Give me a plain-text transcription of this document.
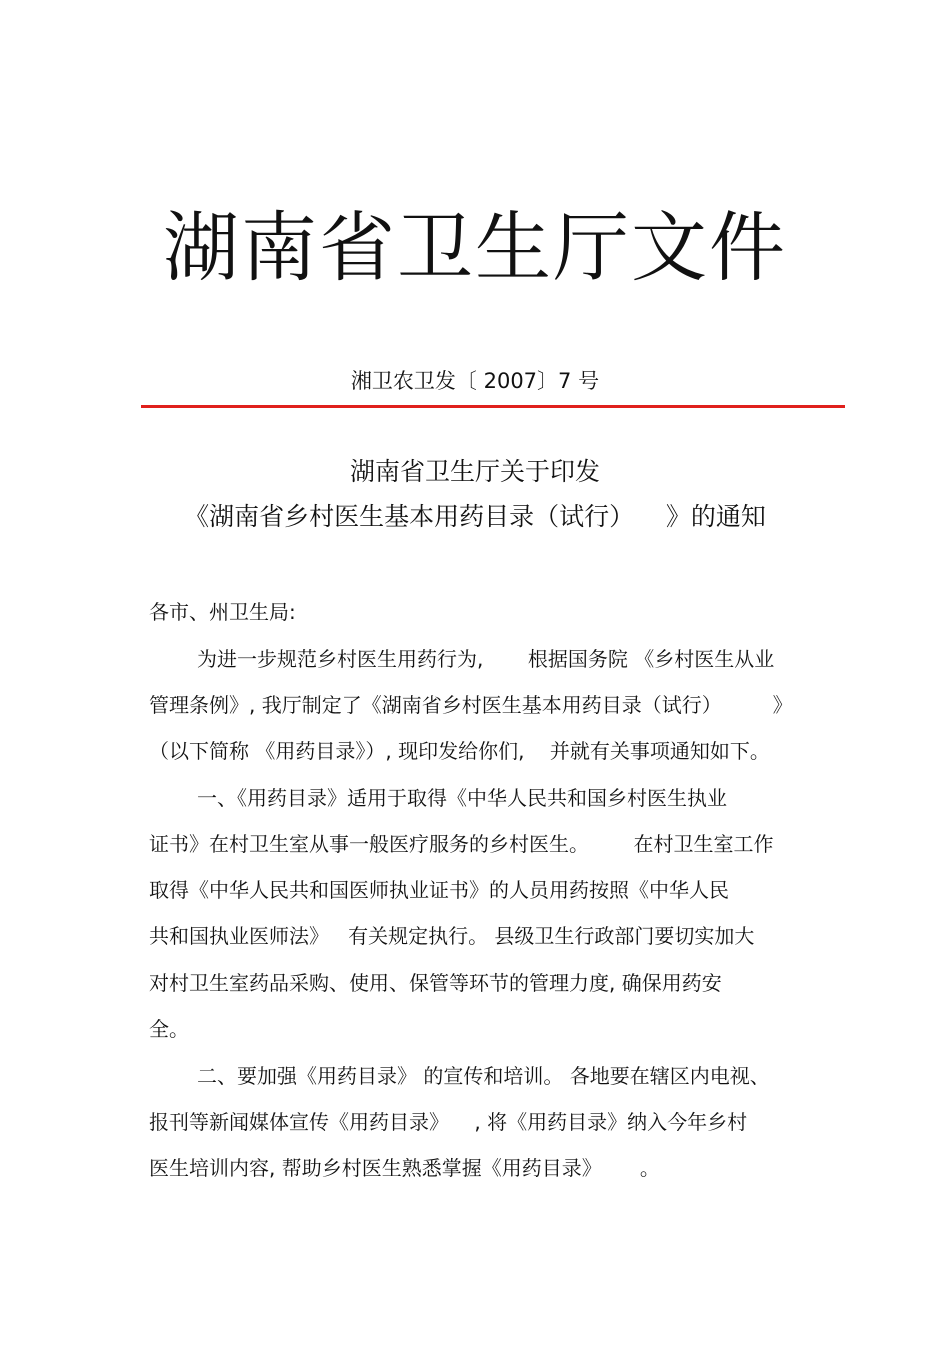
湖南省卫生厅文件
湘卫农卫发〔 2007〕7 号
湖南省卫生厅关于印发
《湖南省乡村医生基本用药目录（试行）    》的通知
各市、州卫生局:
为进一步规范乡村医生用药行为,       根据国务院 《乡村医生从业
管理条例》, 我厅制定了《湖南省乡村医生基本用药目录（试行）        》
（以下简称 《用药目录》）, 现印发给你们,    并就有关事项通知如下。
一、《用药目录》适用于取得《中华人民共和国乡村医生执业
证书》在村卫生室从事一般医疗服务的乡村医生。       在村卫生室工作
取得《中华人民共和国医师执业证书》的人员用药按照《中华人民
共和国执业医师法》   有关规定执行。 县级卫生行政部门要切实加大
对村卫生室药品采购、使用、保管等环节的管理力度, 确保用药安
全。
二、要加强《用药目录》 的宣传和培训。 各地要在辖区内电视、
报刊等新闻媒体宣传《用药目录》    , 将《用药目录》纳入今年乡村
医生培训内容, 帮助乡村医生熟悉掌握《用药目录》      。
